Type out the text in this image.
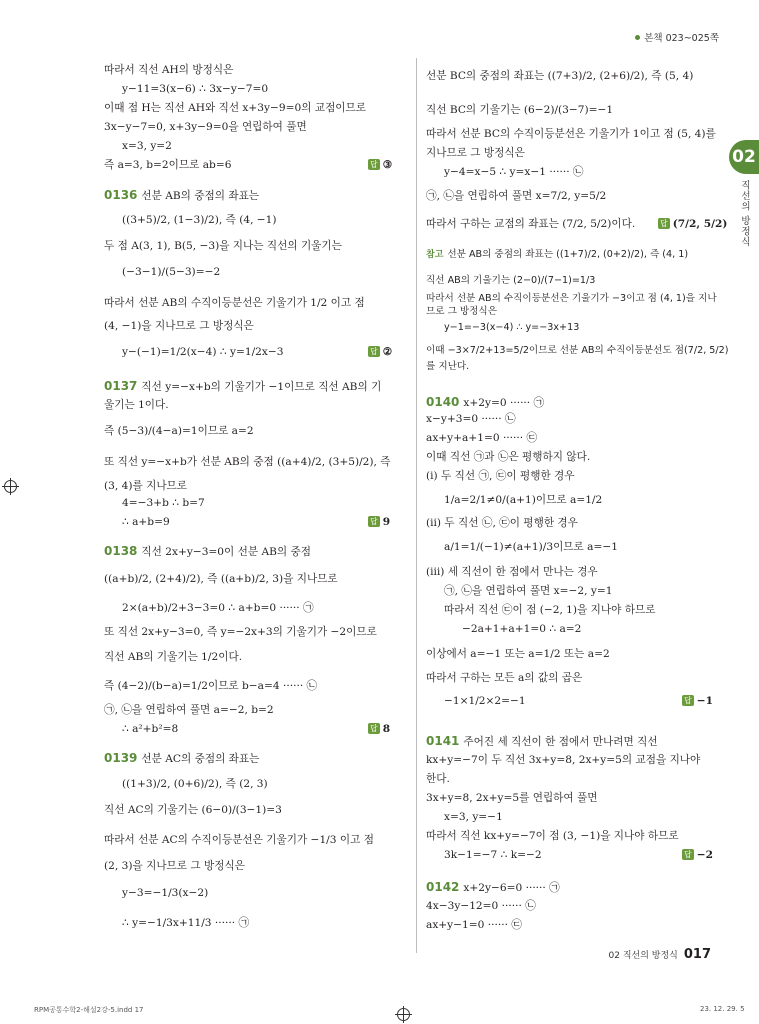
본책 023~025쪽
02
직선의 방정식
따라서 직선 AH의 방정식은
y−11=3(x−6) ∴ 3x−y−7=0
이때 점 H는 직선 AH와 직선 x+3y−9=0의 교점이므로
3x−y−7=0, x+3y−9=0을 연립하여 풀면
x=3, y=2
즉 a=3, b=2이므로 ab=6	답 ③
0136 선분 AB의 중점의 좌표는
((3+5)/2, (1−3)/2), 즉 (4, −1)
두 점 A(3, 1), B(5, −3)을 지나는 직선의 기울기는
(−3−1)/(5−3)=−2
따라서 선분 AB의 수직이등분선은 기울기가 1/2 이고 점
(4, −1)을 지나므로 그 방정식은
y−(−1)=1/2(x−4) ∴ y=1/2x−3	답 ②
0137 직선 y=−x+b의 기울기가 −1이므로 직선 AB의 기
울기는 1이다.
즉 (5−3)/(4−a)=1이므로 a=2
또 직선 y=−x+b가 선분 AB의 중점 ((a+4)/2, (3+5)/2), 즉
(3, 4)를 지나므로
4=−3+b ∴ b=7
∴ a+b=9	답 9
0138 직선 2x+y−3=0이 선분 AB의 중점
((a+b)/2, (2+4)/2), 즉 ((a+b)/2, 3)을 지나므로
2×(a+b)/2+3−3=0 ∴ a+b=0 ······ ㉠
또 직선 2x+y−3=0, 즉 y=−2x+3의 기울기가 −2이므로
직선 AB의 기울기는 1/2이다.
즉 (4−2)/(b−a)=1/2이므로 b−a=4 ······ ㉡
㉠, ㉡을 연립하여 풀면 a=−2, b=2
∴ a²+b²=8	답 8
0139 선분 AC의 중점의 좌표는
((1+3)/2, (0+6)/2), 즉 (2, 3)
직선 AC의 기울기는 (6−0)/(3−1)=3
따라서 선분 AC의 수직이등분선은 기울기가 −1/3 이고 점
(2, 3)을 지나므로 그 방정식은
y−3=−1/3(x−2)
∴ y=−1/3x+11/3 ······ ㉠
선분 BC의 중점의 좌표는 ((7+3)/2, (2+6)/2), 즉 (5, 4)
직선 BC의 기울기는 (6−2)/(3−7)=−1
따라서 선분 BC의 수직이등분선은 기울기가 1이고 점 (5, 4)를
지나므로 그 방정식은
y−4=x−5 ∴ y=x−1 ······ ㉡
㉠, ㉡을 연립하여 풀면 x=7/2, y=5/2
따라서 구하는 교점의 좌표는 (7/2, 5/2)이다.	답 (7/2, 5/2)
참고 선분 AB의 중점의 좌표는 ((1+7)/2, (0+2)/2), 즉 (4, 1)
직선 AB의 기울기는 (2−0)/(7−1)=1/3
따라서 선분 AB의 수직이등분선은 기울기가 −3이고 점 (4, 1)을 지나
므로 그 방정식은
y−1=−3(x−4) ∴ y=−3x+13
이때 −3×7/2+13=5/2이므로 선분 AB의 수직이등분선도 점(7/2, 5/2)
를 지난다.
0140 x+2y=0 ······ ㉠
x−y+3=0 ······ ㉡
ax+y+a+1=0 ······ ㉢
이때 직선 ㉠과 ㉡은 평행하지 않다.
(ⅰ) 두 직선 ㉠, ㉢이 평행한 경우
1/a=2/1≠0/(a+1)이므로 a=1/2
(ⅱ) 두 직선 ㉡, ㉢이 평행한 경우
a/1=1/(−1)≠(a+1)/3이므로 a=−1
(ⅲ) 세 직선이 한 점에서 만나는 경우
㉠, ㉡을 연립하여 풀면 x=−2, y=1
따라서 직선 ㉢이 점 (−2, 1)을 지나야 하므로
−2a+1+a+1=0 ∴ a=2
이상에서 a=−1 또는 a=1/2 또는 a=2
따라서 구하는 모든 a의 값의 곱은
−1×1/2×2=−1	답 −1
0141 주어진 세 직선이 한 점에서 만나려면 직선
kx+y=−7이 두 직선 3x+y=8, 2x+y=5의 교점을 지나야
한다.
3x+y=8, 2x+y=5를 연립하여 풀면
x=3, y=−1
따라서 직선 kx+y=−7이 점 (3, −1)을 지나야 하므로
3k−1=−7 ∴ k=−2	답 −2
0142 x+2y−6=0 ······ ㉠
4x−3y−12=0 ······ ㉡
ax+y−1=0 ······ ㉢
02 직선의 방정식 017
RPM공통수학2-해설2강-5.indd 17	23. 12. 29. 5
